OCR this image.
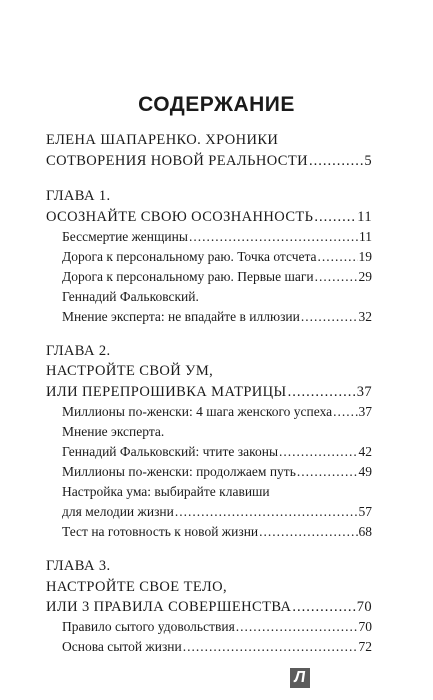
СОДЕРЖАНИЕ
ЕЛЕНА ШАПАРЕНКО. ХРОНИКИ
СОТВОРЕНИЯ НОВОЙ РЕАЛЬНОСТИ .....	5
ГЛАВА 1.
ОСОЗНАЙТЕ СВОЮ ОСОЗНАННОСТЬ .....	11
Бессмертие женщины .....	11
Дорога к персональному раю. Точка отсчета .....	19
Дорога к персональному раю. Первые шаги .....	29
Геннадий Фальковский.
Мнение эксперта: не впадайте в иллюзии .....	32
ГЛАВА 2.
НАСТРОЙТЕ СВОЙ УМ,
ИЛИ ПЕРЕПРОШИВКА МАТРИЦЫ .....	37
Миллионы по-женски: 4 шага женского успеха ..... 37
Мнение эксперта.
Геннадий Фальковский: чтите законы .....	42
Миллионы по-женски: продолжаем путь .....	49
Настройка ума: выбирайте клавиши
для мелодии жизни .....	57
Тест на готовность к новой жизни .....	68
ГЛАВА 3.
НАСТРОЙТЕ СВОЕ ТЕЛО,
ИЛИ 3 ПРАВИЛА СОВЕРШЕНСТВА .....	70
Правило сытого удовольствия .....	70
Основа сытой жизни .....	72
Л
